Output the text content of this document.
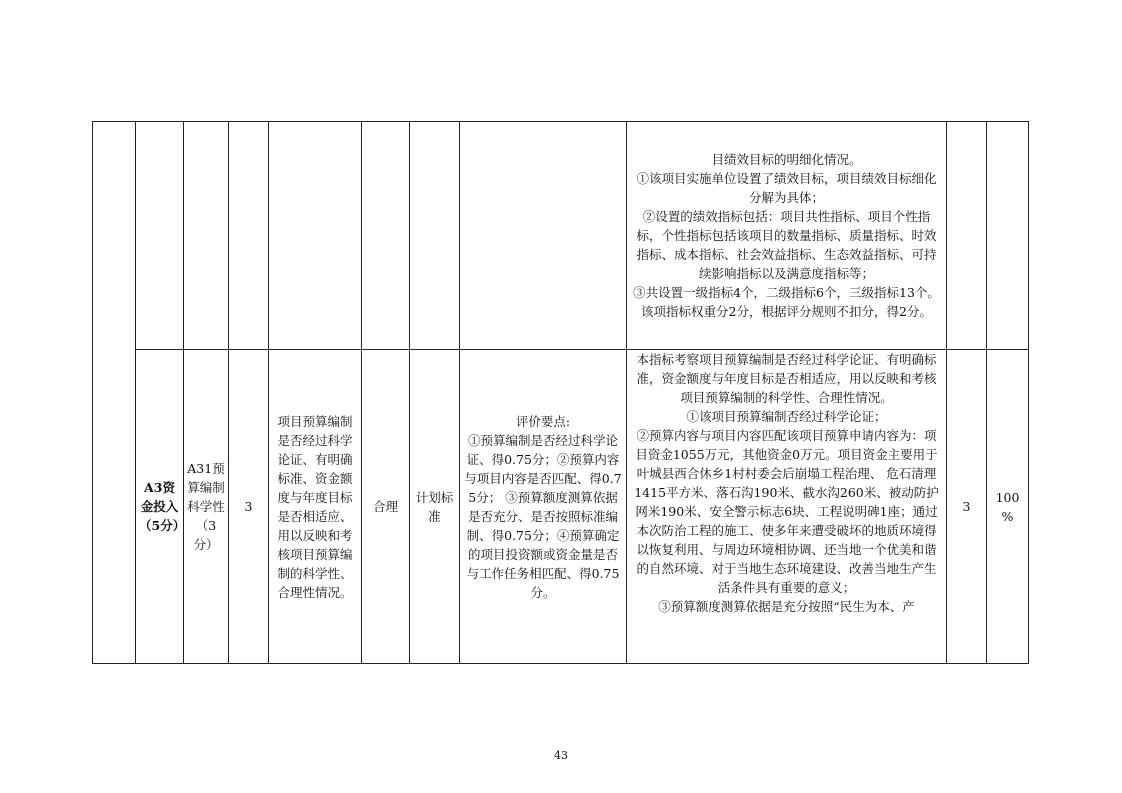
								目绩效目标的明细化情况。
①该项目实施单位设置了绩效目标，项目绩效目标细化分解为具体；
②设置的绩效指标包括：项目共性指标、项目个性指标，个性指标包括该项目的数量指标、质量指标、时效指标、成本指标、社会效益指标、生态效益指标、可持续影响指标以及满意度指标等；
③共设置一级指标4个，二级指标6个，三级指标13个。
该项指标权重分2分，根据评分规则不扣分，得2分。		

	A3资金投入（5分）	A31预算编制科学性（3分）	3	项目预算编制是否经过科学论证、有明确标准、资金额度与年度目标是否相适应、用以反映和考核项目预算编制的科学性、合理性情况。	合理	计划标准	评价要点:
①预算编制是否经过科学论证、得0.75分；②预算内容与项目内容是否匹配、得0.75分； ③预算额度测算依据是否充分、是否按照标准编制、得0.75分；④预算确定的项目投资额或资金量是否与工作任务相匹配、得0.75分。	本指标考察项目预算编制是否经过科学论证、有明确标准，资金额度与年度目标是否相适应，用以反映和考核项目预算编制的科学性、合理性情况。
①该项目预算编制否经过科学论证；
②预算内容与项目内容匹配该项目预算申请内容为：项目资金1055万元，其他资金0万元。项目资金主要用于叶城县西合休乡1村村委会后崩塌工程治理、 危石清理1415平方米、落石沟190米、截水沟260米、被动防护网米190米、安全警示标志6块、工程说明碑1座；通过本次防治工程的施工、使多年来遭受破坏的地质环境得以恢复利用、与周边环境相协调、还当地一个优美和谐的自然环境、对于当地生态环境建设、改善当地生产生活条件具有重要的意义；
③预算额度测算依据是充分按照“民生为本、产	3	100 %
43
